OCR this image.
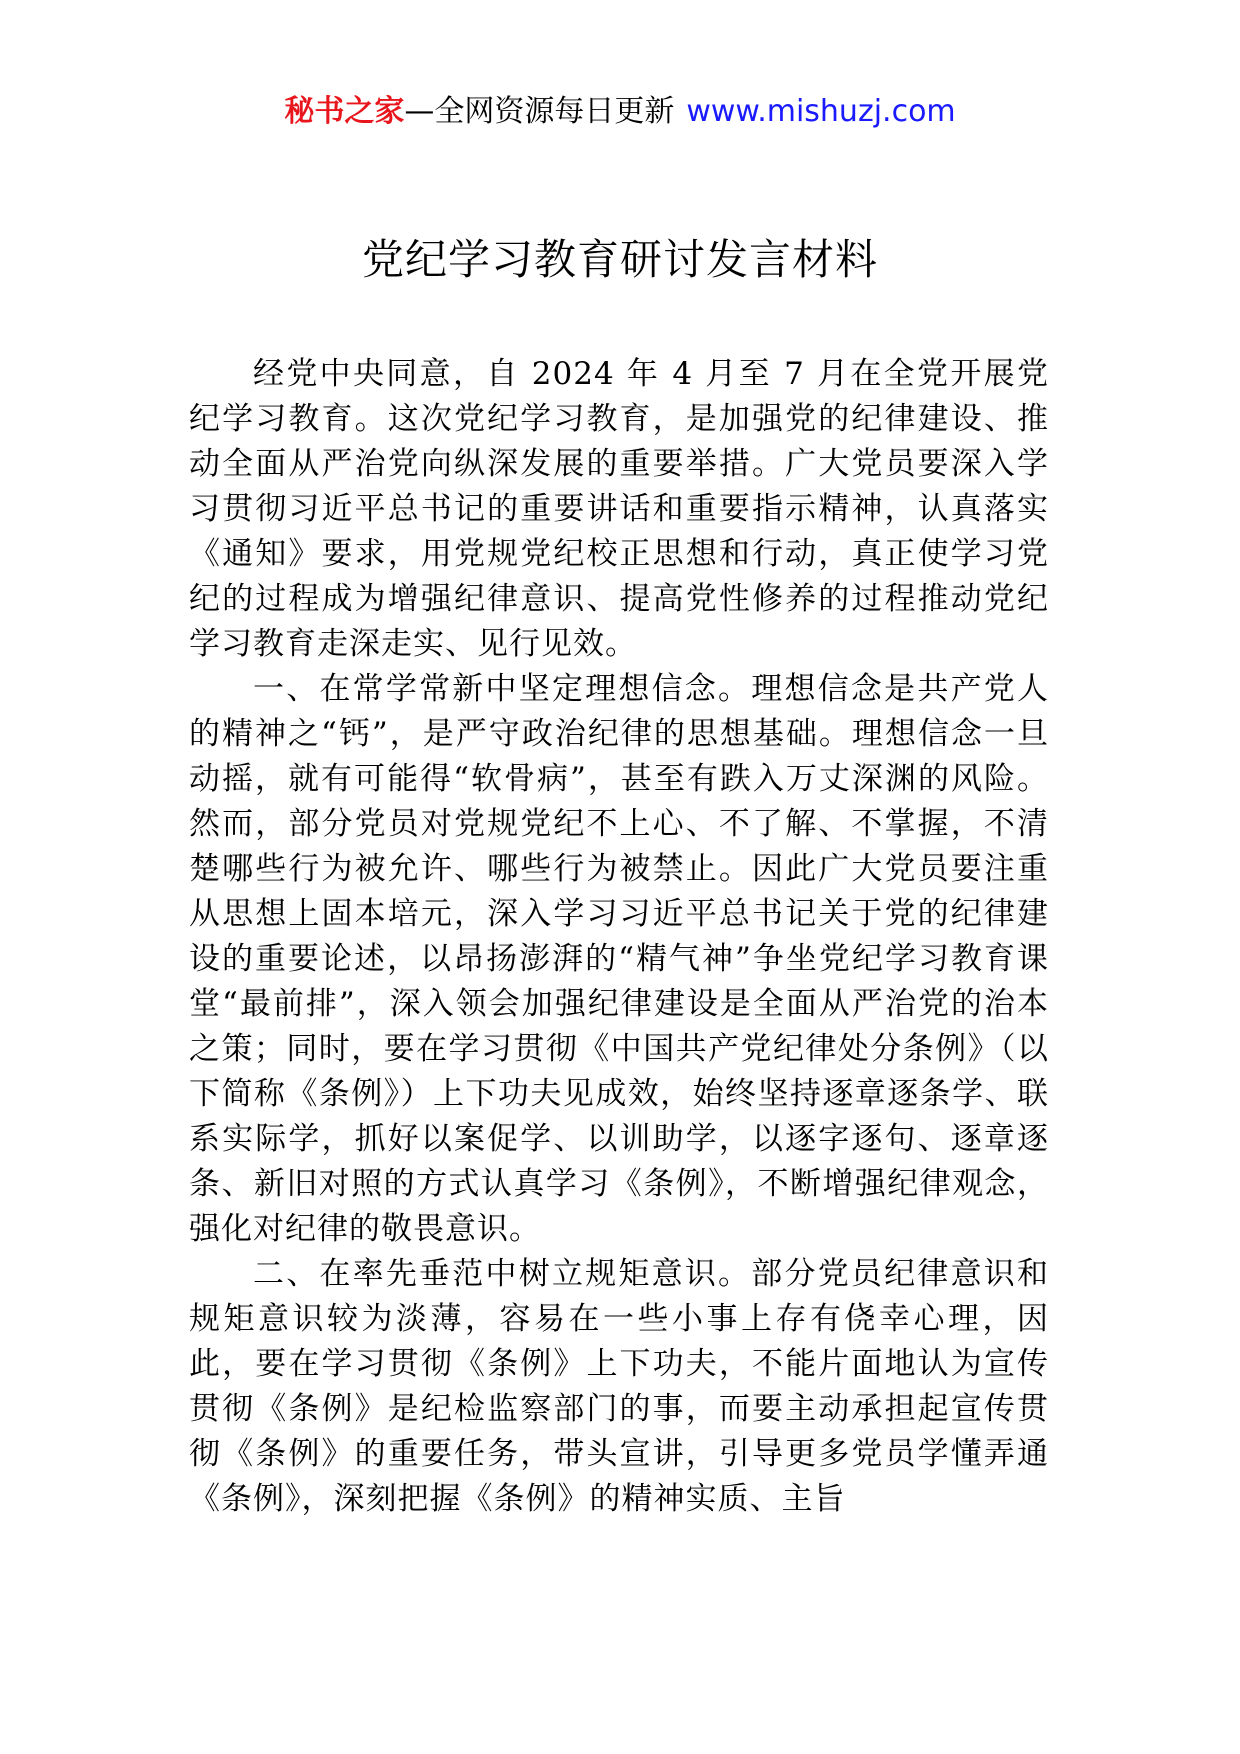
秘书之家—全网资源每日更新 www.mishuzj.com
党纪学习教育研讨发言材料

经党中央同意，自 2024 年 4 月至 7 月在全党开展党纪学习教育。这次党纪学习教育，是加强党的纪律建设、推动全面从严治党向纵深发展的重要举措。广大党员要深入学习贯彻习近平总书记的重要讲话和重要指示精神，认真落实《通知》要求，用党规党纪校正思想和行动，真正使学习党纪的过程成为增强纪律意识、提高党性修养的过程推动党纪学习教育走深走实、见行见效。

一、在常学常新中坚定理想信念。理想信念是共产党人的精神之“钙”，是严守政治纪律的思想基础。理想信念一旦动摇，就有可能得“软骨病”，甚至有跌入万丈深渊的风险。然而，部分党员对党规党纪不上心、不了解、不掌握，不清楚哪些行为被允许、哪些行为被禁止。因此广大党员要注重从思想上固本培元，深入学习习近平总书记关于党的纪律建设的重要论述，以昂扬澎湃的“精气神”争坐党纪学习教育课堂“最前排”，深入领会加强纪律建设是全面从严治党的治本之策；同时，要在学习贯彻《中国共产党纪律处分条例》（以下简称《条例》）上下功夫见成效，始终坚持逐章逐条学、联系实际学，抓好以案促学、以训助学，以逐字逐句、逐章逐条、新旧对照的方式认真学习《条例》，不断增强纪律观念，强化对纪律的敬畏意识。

二、在率先垂范中树立规矩意识。部分党员纪律意识和规矩意识较为淡薄，容易在一些小事上存有侥幸心理，因此，要在学习贯彻《条例》上下功夫，不能片面地认为宣传贯彻《条例》是纪检监察部门的事，而要主动承担起宣传贯彻《条例》的重要任务，带头宣讲，引导更多党员学懂弄通《条例》，深刻把握《条例》的精神实质、主旨
